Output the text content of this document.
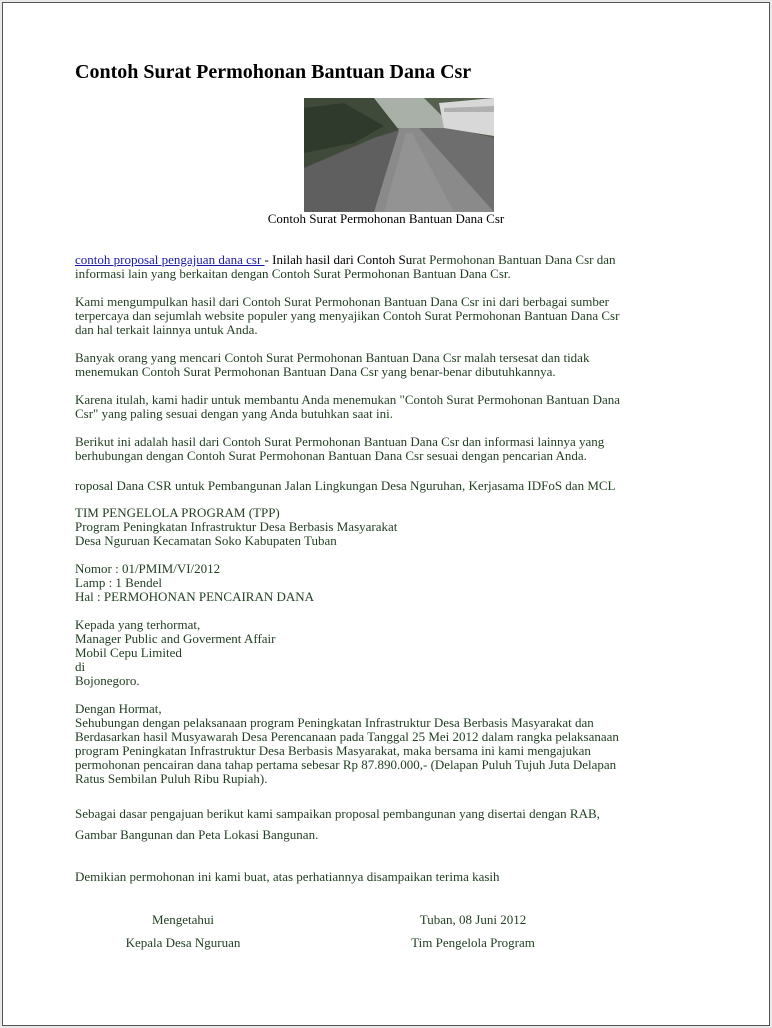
Contoh Surat Permohonan Bantuan Dana Csr
Contoh Surat Permohonan Bantuan Dana Csr

contoh proposal pengajuan dana csr - Inilah hasil dari Contoh Surat Permohonan Bantuan Dana Csr dan
informasi lain yang berkaitan dengan Contoh Surat Permohonan Bantuan Dana Csr.

Kami mengumpulkan hasil dari Contoh Surat Permohonan Bantuan Dana Csr ini dari berbagai sumber
terpercaya dan sejumlah website populer yang menyajikan Contoh Surat Permohonan Bantuan Dana Csr
dan hal terkait lainnya untuk Anda.

Banyak orang yang mencari Contoh Surat Permohonan Bantuan Dana Csr malah tersesat dan tidak
menemukan Contoh Surat Permohonan Bantuan Dana Csr yang benar-benar dibutuhkannya.

Karena itulah, kami hadir untuk membantu Anda menemukan "Contoh Surat Permohonan Bantuan Dana
Csr" yang paling sesuai dengan yang Anda butuhkan saat ini.

Berikut ini adalah hasil dari Contoh Surat Permohonan Bantuan Dana Csr dan informasi lainnya yang
berhubungan dengan Contoh Surat Permohonan Bantuan Dana Csr sesuai dengan pencarian Anda.

roposal Dana CSR untuk Pembangunan Jalan Lingkungan Desa Nguruhan, Kerjasama IDFoS dan MCL

TIM PENGELOLA PROGRAM (TPP)
Program Peningkatan Infrastruktur Desa Berbasis Masyarakat
Desa Nguruan Kecamatan Soko Kabupaten Tuban

Nomor : 01/PMIM/VI/2012
Lamp : 1 Bendel
Hal : PERMOHONAN PENCAIRAN DANA

Kepada yang terhormat,
Manager Public and Goverment Affair
Mobil Cepu Limited
di
Bojonegoro.

Dengan Hormat,
Sehubungan dengan pelaksanaan program Peningkatan Infrastruktur Desa Berbasis Masyarakat dan
Berdasarkan hasil Musyawarah Desa Perencanaan pada Tanggal 25 Mei 2012 dalam rangka pelaksanaan
program Peningkatan Infrastruktur Desa Berbasis Masyarakat, maka bersama ini kami mengajukan
permohonan pencairan dana tahap pertama sebesar Rp 87.890.000,- (Delapan Puluh Tujuh Juta Delapan
Ratus Sembilan Puluh Ribu Rupiah).

Sebagai dasar pengajuan berikut kami sampaikan proposal pembangunan yang disertai dengan RAB,

Gambar Bangunan dan Peta Lokasi Bangunan.

Demikian permohonan ini kami buat, atas perhatiannya disampaikan terima kasih

Mengetahui
Kepala Desa Nguruan
Tuban, 08 Juni 2012
Tim Pengelola Program
